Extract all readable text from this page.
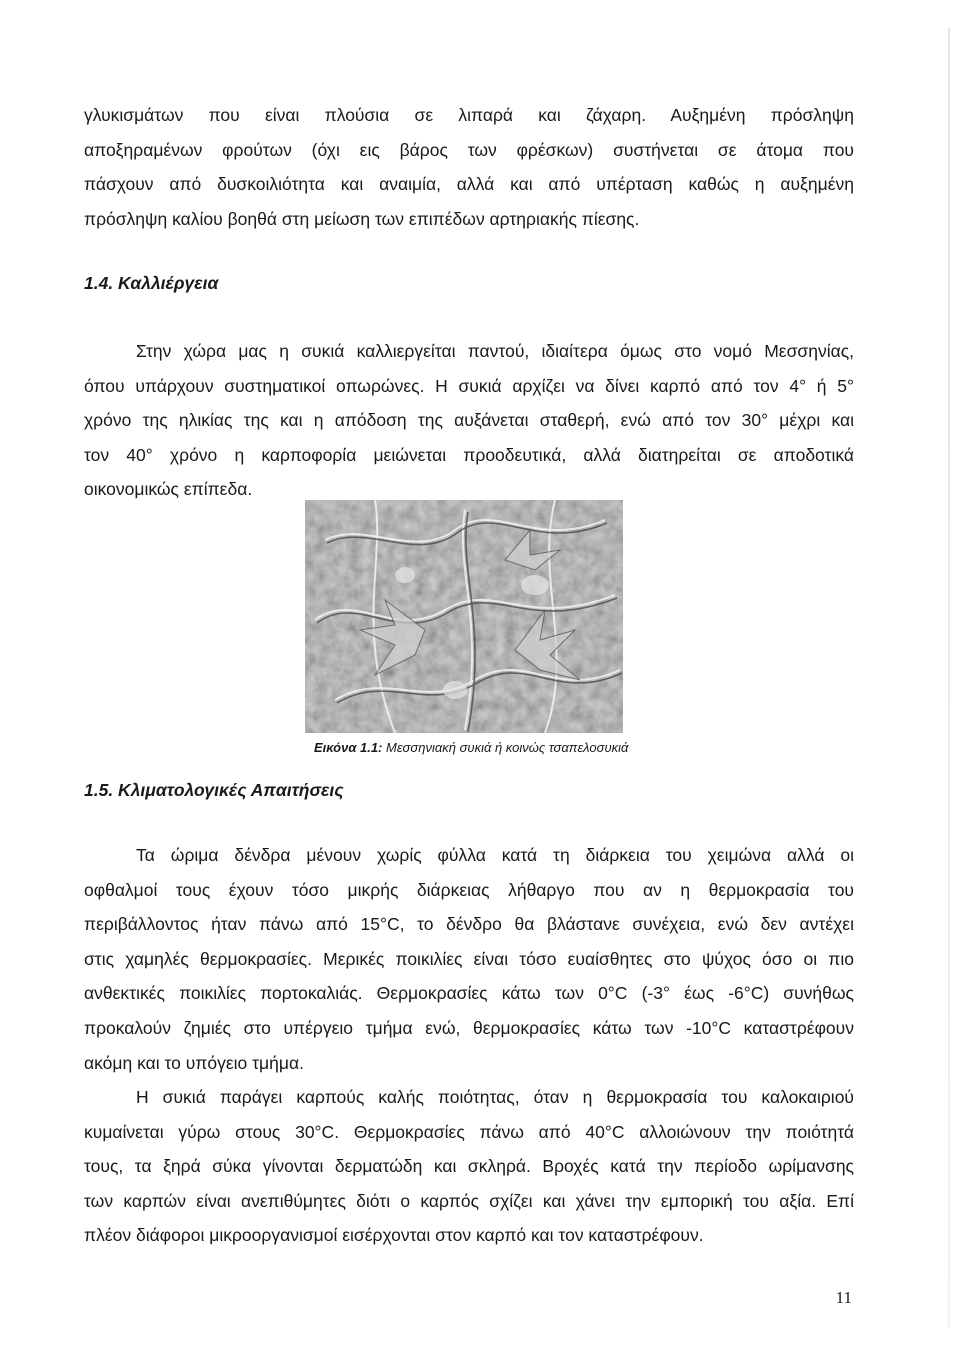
γλυκισμάτων που είναι πλούσια σε λιπαρά και ζάχαρη. Αυξημένη πρόσληψη
αποξηραμένων φρούτων (όχι εις βάρος των φρέσκων) συστήνεται σε άτομα που
πάσχουν από δυσκοιλιότητα και αναιμία, αλλά και από υπέρταση καθώς η αυξημένη
πρόσληψη καλίου βοηθά στη μείωση των επιπέδων αρτηριακής πίεσης.
1.4. Καλλιέργεια
Στην χώρα μας η συκιά καλλιεργείται παντού, ιδιαίτερα όμως στο νομό Μεσσηνίας,
όπου υπάρχουν συστηματικοί οπωρώνες. Η συκιά αρχίζει να δίνει καρπό από τον 4° ή 5°
χρόνο της ηλικίας της και η απόδοση της αυξάνεται σταθερή, ενώ από τον 30° μέχρι και
τον 40° χρόνο η καρποφορία μειώνεται προοδευτικά, αλλά διατηρείται σε αποδοτικά
οικονομικώς επίπεδα.
Εικόνα 1.1: Μεσσηνιακή συκιά ή κοινώς τσαπελοσυκιά
1.5. Κλιματολογικές Απαιτήσεις
Τα ώριμα δένδρα μένουν χωρίς φύλλα κατά τη διάρκεια του χειμώνα αλλά οι
οφθαλμοί τους έχουν τόσο μικρής διάρκειας λήθαργο που αν η θερμοκρασία του
περιβάλλοντος ήταν πάνω από 15°C, το δένδρο θα βλάστανε συνέχεια, ενώ δεν αντέχει
στις χαμηλές θερμοκρασίες. Μερικές ποικιλίες είναι τόσο ευαίσθητες στο ψύχος όσο οι πιο
ανθεκτικές ποικιλίες πορτοκαλιάς. Θερμοκρασίες κάτω των 0°C (-3° έως -6°C) συνήθως
προκαλούν ζημιές στο υπέργειο τμήμα ενώ, θερμοκρασίες κάτω των -10°C καταστρέφουν
ακόμη και το υπόγειο τμήμα.
Η συκιά παράγει καρπούς καλής ποιότητας, όταν η θερμοκρασία του καλοκαιριού
κυμαίνεται γύρω στους 30°C. Θερμοκρασίες πάνω από 40°C αλλοιώνουν την ποιότητά
τους, τα ξηρά σύκα γίνονται δερματώδη και σκληρά. Βροχές κατά την περίοδο ωρίμανσης
των καρπών είναι ανεπιθύμητες διότι ο καρπός σχίζει και χάνει την εμπορική του αξία. Επί
πλέον διάφοροι μικροοργανισμοί εισέρχονται στον καρπό και τον καταστρέφουν.
11
